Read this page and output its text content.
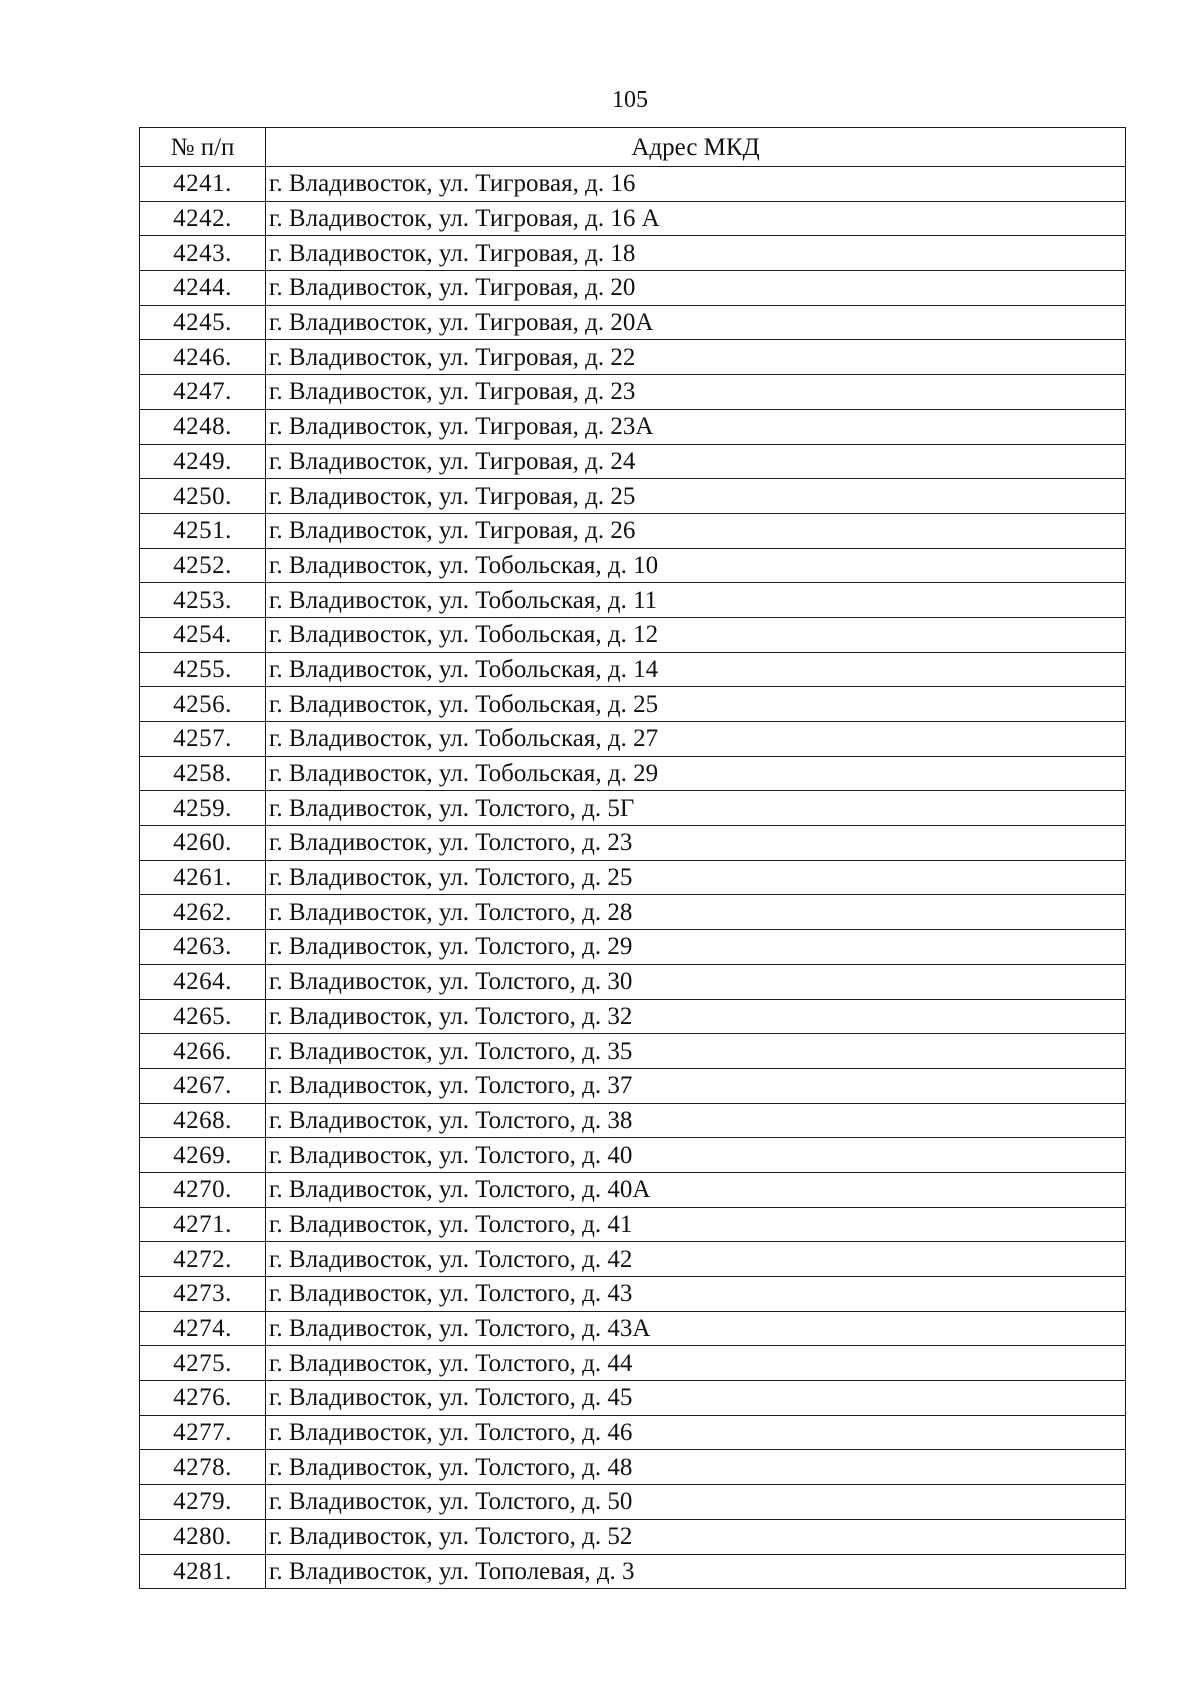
105
№ п/п	Адрес МКД
4241.	г. Владивосток, ул. Тигровая, д. 16
4242.	г. Владивосток, ул. Тигровая, д. 16 А
4243.	г. Владивосток, ул. Тигровая, д. 18
4244.	г. Владивосток, ул. Тигровая, д. 20
4245.	г. Владивосток, ул. Тигровая, д. 20А
4246.	г. Владивосток, ул. Тигровая, д. 22
4247.	г. Владивосток, ул. Тигровая, д. 23
4248.	г. Владивосток, ул. Тигровая, д. 23А
4249.	г. Владивосток, ул. Тигровая, д. 24
4250.	г. Владивосток, ул. Тигровая, д. 25
4251.	г. Владивосток, ул. Тигровая, д. 26
4252.	г. Владивосток, ул. Тобольская, д. 10
4253.	г. Владивосток, ул. Тобольская, д. 11
4254.	г. Владивосток, ул. Тобольская, д. 12
4255.	г. Владивосток, ул. Тобольская, д. 14
4256.	г. Владивосток, ул. Тобольская, д. 25
4257.	г. Владивосток, ул. Тобольская, д. 27
4258.	г. Владивосток, ул. Тобольская, д. 29
4259.	г. Владивосток, ул. Толстого, д. 5Г
4260.	г. Владивосток, ул. Толстого, д. 23
4261.	г. Владивосток, ул. Толстого, д. 25
4262.	г. Владивосток, ул. Толстого, д. 28
4263.	г. Владивосток, ул. Толстого, д. 29
4264.	г. Владивосток, ул. Толстого, д. 30
4265.	г. Владивосток, ул. Толстого, д. 32
4266.	г. Владивосток, ул. Толстого, д. 35
4267.	г. Владивосток, ул. Толстого, д. 37
4268.	г. Владивосток, ул. Толстого, д. 38
4269.	г. Владивосток, ул. Толстого, д. 40
4270.	г. Владивосток, ул. Толстого, д. 40А
4271.	г. Владивосток, ул. Толстого, д. 41
4272.	г. Владивосток, ул. Толстого, д. 42
4273.	г. Владивосток, ул. Толстого, д. 43
4274.	г. Владивосток, ул. Толстого, д. 43А
4275.	г. Владивосток, ул. Толстого, д. 44
4276.	г. Владивосток, ул. Толстого, д. 45
4277.	г. Владивосток, ул. Толстого, д. 46
4278.	г. Владивосток, ул. Толстого, д. 48
4279.	г. Владивосток, ул. Толстого, д. 50
4280.	г. Владивосток, ул. Толстого, д. 52
4281.	г. Владивосток, ул. Тополевая, д. 3
